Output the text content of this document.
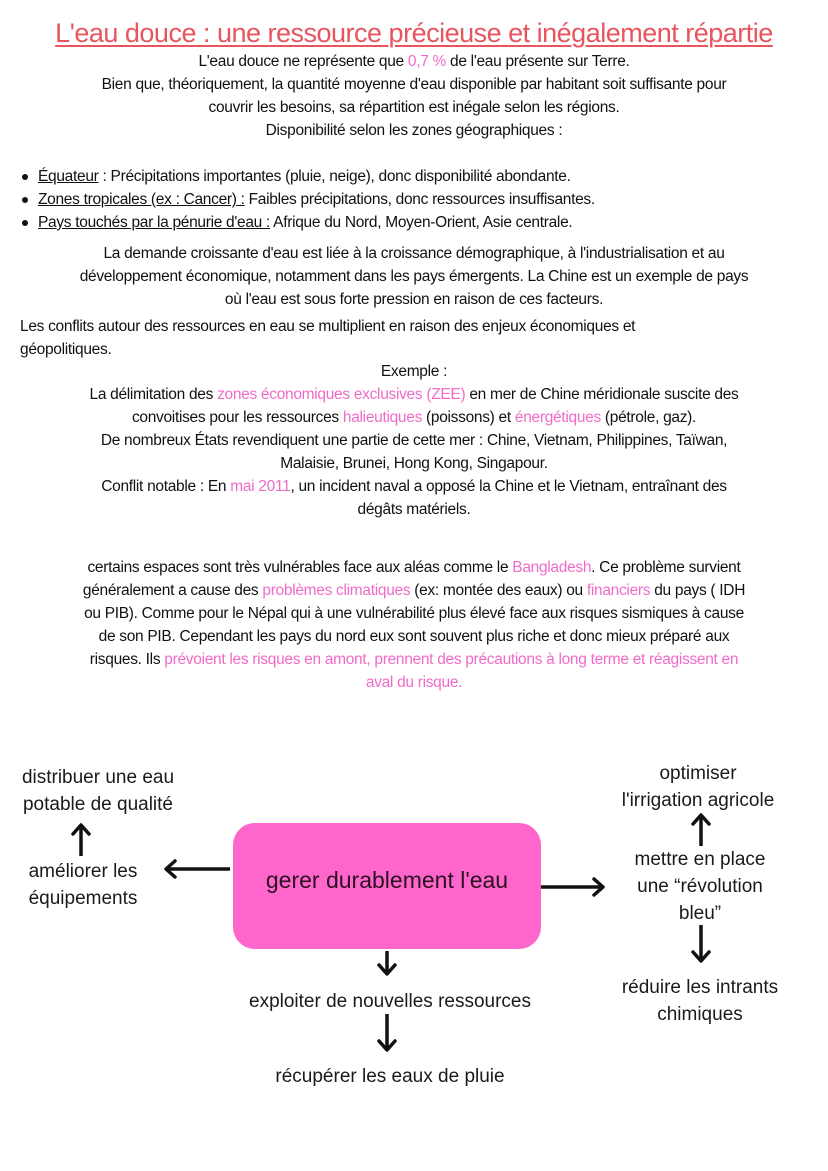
L'eau douce : une ressource précieuse et inégalement répartie
L'eau douce ne représente que 0,7 % de l'eau présente sur Terre.
Bien que, théoriquement, la quantité moyenne d'eau disponible par habitant soit suffisante pour
couvrir les besoins, sa répartition est inégale selon les régions.
Disponibilité selon les zones géographiques :
Équateur : Précipitations importantes (pluie, neige), donc disponibilité abondante.
Zones tropicales (ex : Cancer) : Faibles précipitations, donc ressources insuffisantes.
Pays touchés par la pénurie d'eau : Afrique du Nord, Moyen-Orient, Asie centrale.
La demande croissante d'eau est liée à la croissance démographique, à l'industrialisation et au
développement économique, notamment dans les pays émergents. La Chine est un exemple de pays
où l'eau est sous forte pression en raison de ces facteurs.
Les conflits autour des ressources en eau se multiplient en raison des enjeux économiques et
géopolitiques.
Exemple :
La délimitation des zones économiques exclusives (ZEE) en mer de Chine méridionale suscite des
convoitises pour les ressources halieutiques (poissons) et énergétiques (pétrole, gaz).
De nombreux États revendiquent une partie de cette mer : Chine, Vietnam, Philippines, Taïwan,
Malaisie, Brunei, Hong Kong, Singapour.
Conflit notable : En mai 2011, un incident naval a opposé la Chine et le Vietnam, entraînant des
dégâts matériels.
certains espaces sont très vulnérables face aux aléas comme le Bangladesh. Ce problème survient
généralement a cause des problèmes climatiques (ex: montée des eaux) ou financiers du pays ( IDH
ou PIB). Comme pour le Népal qui à une vulnérabilité plus élevé face aux risques sismiques à cause
de son PIB. Cependant les pays du nord eux sont souvent plus riche et donc mieux préparé aux
risques. Ils prévoient les risques en amont, prennent des précautions à long terme et réagissent en
aval du risque.
distribuer une eau
potable de qualité
améliorer les
équipements
gerer durablement l'eau
optimiser
l'irrigation agricole
mettre en place
une “révolution
bleu”
réduire les intrants
chimiques
exploiter de nouvelles ressources
récupérer les eaux de pluie
